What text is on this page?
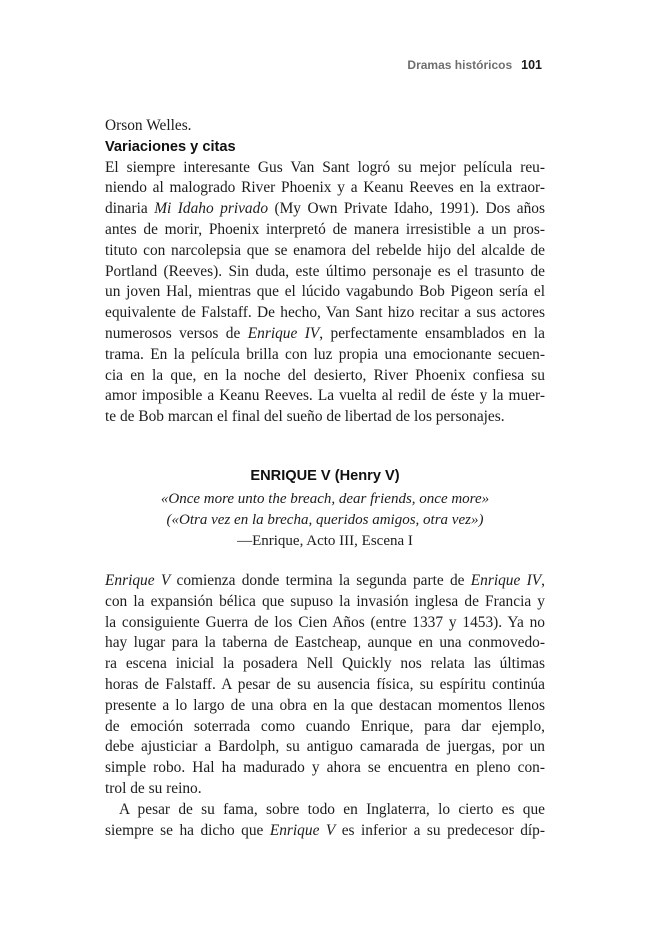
Dramas históricos 101
Orson Welles.
Variaciones y citas
El siempre interesante Gus Van Sant logró su mejor película reu-
niendo al malogrado River Phoenix y a Keanu Reeves en la extraor-
dinaria Mi Idaho privado (My Own Private Idaho, 1991). Dos años
antes de morir, Phoenix interpretó de manera irresistible a un pros-
tituto con narcolepsia que se enamora del rebelde hijo del alcalde de
Portland (Reeves). Sin duda, este último personaje es el trasunto de
un joven Hal, mientras que el lúcido vagabundo Bob Pigeon sería el
equivalente de Falstaff. De hecho, Van Sant hizo recitar a sus actores
numerosos versos de Enrique IV, perfectamente ensamblados en la
trama. En la película brilla con luz propia una emocionante secuen-
cia en la que, en la noche del desierto, River Phoenix confiesa su
amor imposible a Keanu Reeves. La vuelta al redil de éste y la muer-
te de Bob marcan el final del sueño de libertad de los personajes.
ENRIQUE V (Henry V)
«Once more unto the breach, dear friends, once more»
(«Otra vez en la brecha, queridos amigos, otra vez»)
—Enrique, Acto III, Escena I
Enrique V comienza donde termina la segunda parte de Enrique IV,
con la expansión bélica que supuso la invasión inglesa de Francia y
la consiguiente Guerra de los Cien Años (entre 1337 y 1453). Ya no
hay lugar para la taberna de Eastcheap, aunque en una conmovedo-
ra escena inicial la posadera Nell Quickly nos relata las últimas
horas de Falstaff. A pesar de su ausencia física, su espíritu continúa
presente a lo largo de una obra en la que destacan momentos llenos
de emoción soterrada como cuando Enrique, para dar ejemplo,
debe ajusticiar a Bardolph, su antiguo camarada de juergas, por un
simple robo. Hal ha madurado y ahora se encuentra en pleno con-
trol de su reino.
A pesar de su fama, sobre todo en Inglaterra, lo cierto es que
siempre se ha dicho que Enrique V es inferior a su predecesor díp-
